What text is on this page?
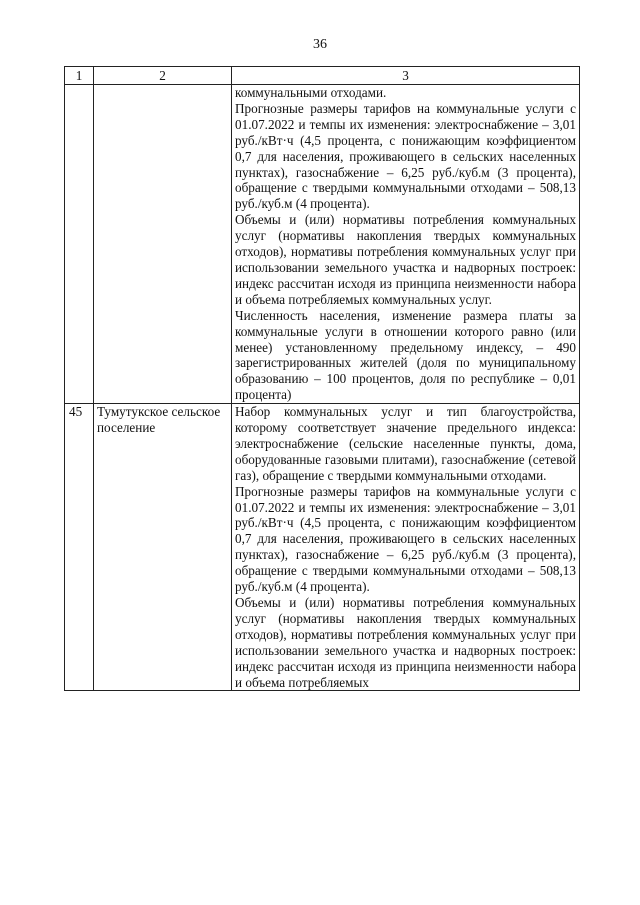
36
1	2	3

		коммунальными отходами.

Прогнозные размеры тарифов на коммунальные услуги с 01.07.2022 и темпы их изменения: электроснабжение – 3,01 руб./кВт·ч (4,5 процента, с понижающим коэффициентом 0,7 для населения, проживающего в сельских населенных пунктах), газоснабжение – 6,25 руб./куб.м (3 процента), обращение с твердыми коммунальными отходами – 508,13 руб./куб.м (4 процента).

Объемы и (или) нормативы потребления коммунальных услуг (нормативы накопления твердых коммунальных отходов), нормативы потребления коммунальных услуг при использовании земельного участка и надворных построек: индекс рассчитан исходя из принципа неизменности набора и объема потребляемых коммунальных услуг.

Численность населения, изменение размера платы за коммунальные услуги в отношении которого равно (или менее) установленному предельному индексу, – 490 зарегистрированных жителей (доля по муниципальному образованию – 100 процентов, доля по республике – 0,01 процента)

45	Тумутукское сельское поселение	Набор коммунальных услуг и тип благоустройства, которому соответствует значение предельного индекса: электроснабжение (сельские населенные пункты, дома, оборудованные газовыми плитами), газоснабжение (сетевой газ), обращение с твердыми коммунальными отходами.

Прогнозные размеры тарифов на коммунальные услуги с 01.07.2022 и темпы их изменения: электроснабжение – 3,01 руб./кВт·ч (4,5 процента, с понижающим коэффициентом 0,7 для населения, проживающего в сельских населенных пунктах), газоснабжение – 6,25 руб./куб.м (3 процента), обращение с твердыми коммунальными отходами – 508,13 руб./куб.м (4 процента).

Объемы и (или) нормативы потребления коммунальных услуг (нормативы накопления твердых коммунальных отходов), нормативы потребления коммунальных услуг при использовании земельного участка и надворных построек: индекс рассчитан исходя из принципа неизменности набора и объема потребляемых
